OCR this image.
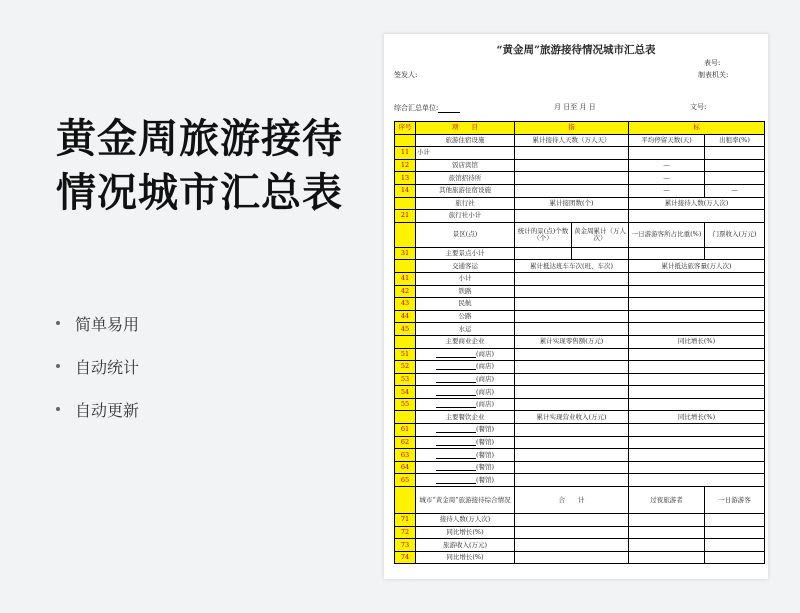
黄金周旅游接待
情况城市汇总表
简单易用
自动统计
自动更新
“黄金周”旅游接待情况城市汇总表
表号:
签发人:	制表机关:
综合汇总单位:	月 日至 月 日	文号:
序号	项　　目	指		标	
	旅游住宿设施	累计接待人天数（万人天）		平均停留天数(天)	出租率(%)
11	小计				
12	饭店宾馆			—	
13	旅馆招待所			—	
14	其他旅游住宿设施			—	—
	旅行社	累计接团数(个)		累计接待人数(万人次)	
21	旅行社小计				
	景区(点)	统计的景(点)个数（个）	黄金周累计（万人次）	一日游游客所占比重(%)	门票收入(万元)
31	主要景点小计				
	交通客运	累计抵达班车车次(班、车次)		累计抵达旅客量(万人次)	
41	小计				
42	铁路				
43	民航				
44	公路				
45	水运				
	主要商业企业	累计实现零售额(万元)		同比增长(%)	
51	(商店)				
52	(商店)				
53	(商店)				
54	(商店)				
55	(商店)				
	主要餐饮企业	累计实现营业收入(万元)		同比增长(%)	
61	(餐馆)				
62	(餐馆)				
63	(餐馆)				
64	(餐馆)				
65	(餐馆)				
	城市“黄金周”旅游接待综合情况	合　　计		过夜旅游者	一日游游客
71	接待人数(万人次)				
72	同比增长(%)				
73	旅游收入(万元)				
74	同比增长(%)				
